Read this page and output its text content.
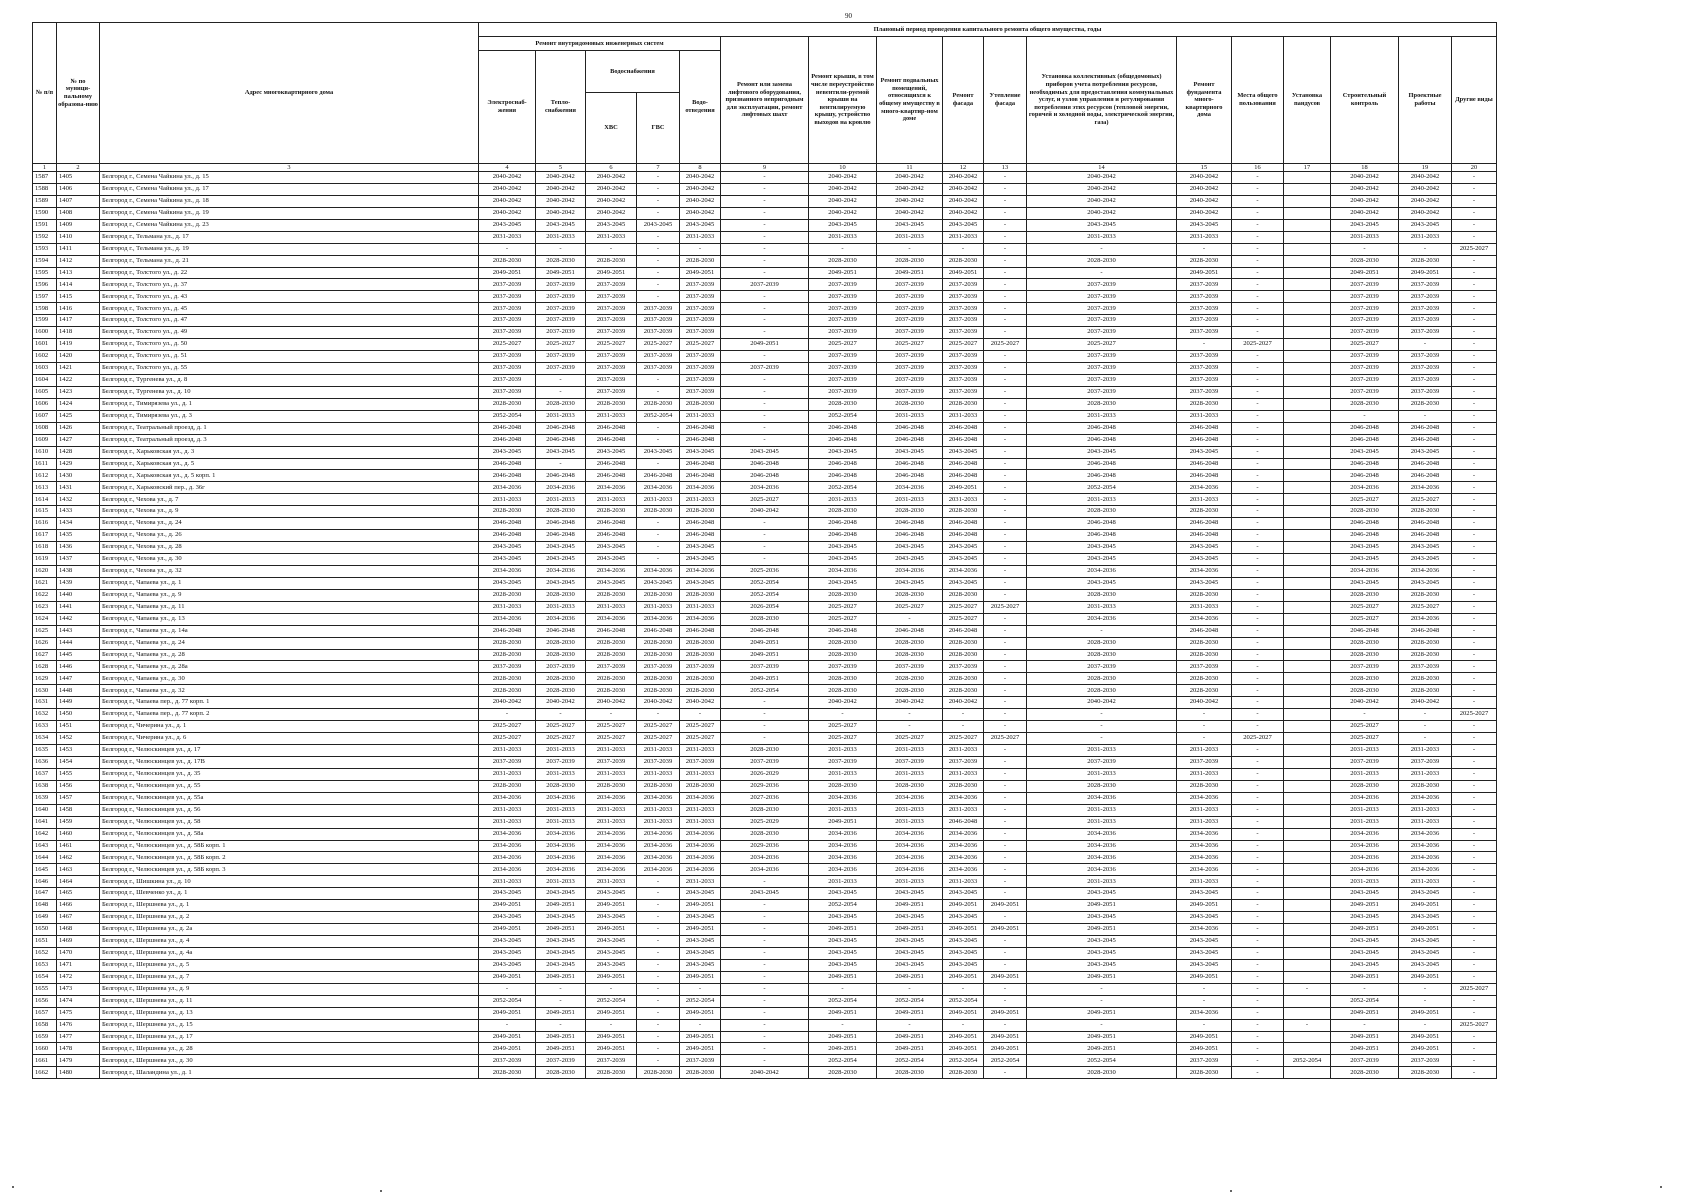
90
№ п/п	№ по муници-пальному образова-нию	Адрес многоквартирного дома	Плановый период проведения капитального ремонта общего имущества, годы																
			Ремонт внутридомовых инженерных систем					Ремонт или замена лифтового оборудования, признанного непригодным для эксплуатации, ремонт лифтовых шахт	Ремонт крыши, в том числе переустройство невентили-руемой крыши на вентилируемую крышу, устройство выходов на кровлю	Ремонт подвальных помещений, относящихся к общему имуществу в много-квартир-ном доме	Ремонт фасада	Утепление фасада	Установка коллективных (общедомовых) приборов учета потребления ресурсов, необходимых для предоставления коммунальных услуг, и узлов управления и регулирования потребления этих ресурсов (тепловой энергии, горячей и холодной воды, электрической энергии, газа)	Ремонт фундамента много-квартирного дома	Места общего пользования	Установка пандусов	Строительный контроль	Проектные работы	Другие виды
			Электроснаб-жения	Тепло-снабжения	Водоснабжения		Водо-отведения												
					ХВС	ГВС													
1	2	3	4	5	6	7	8	9	10	11	12	13	14	15	16	17	18	19	20
1587	1405	Белгород г., Семена Чайкина ул., д. 15	2040-2042	2040-2042	2040-2042	-	2040-2042	-	2040-2042	2040-2042	2040-2042	-	2040-2042	2040-2042	-		2040-2042	2040-2042	-
1588	1406	Белгород г., Семена Чайкина ул., д. 17	2040-2042	2040-2042	2040-2042	-	2040-2042	-	2040-2042	2040-2042	2040-2042	-	2040-2042	2040-2042	-		2040-2042	2040-2042	-
1589	1407	Белгород г., Семена Чайкина ул., д. 18	2040-2042	2040-2042	2040-2042	-	2040-2042	-	2040-2042	2040-2042	2040-2042	-	2040-2042	2040-2042	-		2040-2042	2040-2042	-
1590	1408	Белгород г., Семена Чайкина ул., д. 19	2040-2042	2040-2042	2040-2042	-	2040-2042	-	2040-2042	2040-2042	2040-2042	-	2040-2042	2040-2042	-		2040-2042	2040-2042	-
1591	1409	Белгород г., Семена Чайкина ул., д. 23	2043-2045	2043-2045	2043-2045	2043-2045	2043-2045	-	2043-2045	2043-2045	2043-2045	-	2043-2045	2043-2045	-		2043-2045	2043-2045	-
1592	1410	Белгород г., Тельмана ул., д. 17	2031-2033	2031-2033	2031-2033	-	2031-2033	-	2031-2033	2031-2033	2031-2033	-	2031-2033	2031-2033	-		2031-2033	2031-2033	-
1593	1411	Белгород г., Тельмана ул., д. 19	-	-	-	-	-	-	-	-	-	-	-	-	-		-	-	2025-2027
1594	1412	Белгород г., Тельмана ул., д. 21	2028-2030	2028-2030	2028-2030	-	2028-2030	-	2028-2030	2028-2030	2028-2030	-	2028-2030	2028-2030	-		2028-2030	2028-2030	-
1595	1413	Белгород г., Толстого ул., д. 22	2049-2051	2049-2051	2049-2051	-	2049-2051	-	2049-2051	2049-2051	2049-2051	-	-	2049-2051	-		2049-2051	2049-2051	-
1596	1414	Белгород г., Толстого ул., д. 37	2037-2039	2037-2039	2037-2039	-	2037-2039	2037-2039	2037-2039	2037-2039	2037-2039	-	2037-2039	2037-2039	-		2037-2039	2037-2039	-
1597	1415	Белгород г., Толстого ул., д. 43	2037-2039	2037-2039	2037-2039	-	2037-2039	-	2037-2039	2037-2039	2037-2039	-	2037-2039	2037-2039	-		2037-2039	2037-2039	-
1598	1416	Белгород г., Толстого ул., д. 45	2037-2039	2037-2039	2037-2039	2037-2039	2037-2039	-	2037-2039	2037-2039	2037-2039	-	2037-2039	2037-2039	-		2037-2039	2037-2039	-
1599	1417	Белгород г., Толстого ул., д. 47	2037-2039	2037-2039	2037-2039	2037-2039	2037-2039	-	2037-2039	2037-2039	2037-2039	-	2037-2039	2037-2039	-		2037-2039	2037-2039	-
1600	1418	Белгород г., Толстого ул., д. 49	2037-2039	2037-2039	2037-2039	2037-2039	2037-2039	-	2037-2039	2037-2039	2037-2039	-	2037-2039	2037-2039	-		2037-2039	2037-2039	-
1601	1419	Белгород г., Толстого ул., д. 50	2025-2027	2025-2027	2025-2027	2025-2027	2025-2027	2049-2051	2025-2027	2025-2027	2025-2027	2025-2027	2025-2027	-	2025-2027		2025-2027	-	-
1602	1420	Белгород г., Толстого ул., д. 51	2037-2039	2037-2039	2037-2039	2037-2039	2037-2039	-	2037-2039	2037-2039	2037-2039	-	2037-2039	2037-2039	-		2037-2039	2037-2039	-
1603	1421	Белгород г., Толстого ул., д. 55	2037-2039	2037-2039	2037-2039	2037-2039	2037-2039	2037-2039	2037-2039	2037-2039	2037-2039	-	2037-2039	2037-2039	-		2037-2039	2037-2039	-
1604	1422	Белгород г., Тургенева ул., д. 8	2037-2039	-	2037-2039	-	2037-2039	-	2037-2039	2037-2039	2037-2039	-	2037-2039	2037-2039	-		2037-2039	2037-2039	-
1605	1423	Белгород г., Тургенева ул., д. 10	2037-2039	-	2037-2039	-	2037-2039	-	2037-2039	2037-2039	2037-2039	-	2037-2039	2037-2039	-		2037-2039	2037-2039	-
1606	1424	Белгород г., Тимирязева ул., д. 1	2028-2030	2028-2030	2028-2030	2028-2030	2028-2030	-	2028-2030	2028-2030	2028-2030	-	2028-2030	2028-2030	-		2028-2030	2028-2030	-
1607	1425	Белгород г., Тимирязева ул., д. 3	2052-2054	2031-2033	2031-2033	2052-2054	2031-2033	-	2052-2054	2031-2033	2031-2033	-	2031-2033	2031-2033	-		-	-	-
1608	1426	Белгород г., Театральный проезд, д. 1	2046-2048	2046-2048	2046-2048	-	2046-2048	-	2046-2048	2046-2048	2046-2048	-	2046-2048	2046-2048	-		2046-2048	2046-2048	-
1609	1427	Белгород г., Театральный проезд, д. 3	2046-2048	2046-2048	2046-2048	-	2046-2048	-	2046-2048	2046-2048	2046-2048	-	2046-2048	2046-2048	-		2046-2048	2046-2048	-
1610	1428	Белгород г., Харьковская ул., д. 3	2043-2045	2043-2045	2043-2045	2043-2045	2043-2045	2043-2045	2043-2045	2043-2045	2043-2045	-	2043-2045	2043-2045	-		2043-2045	2043-2045	-
1611	1429	Белгород г., Харьковская ул., д. 5	2046-2048	-	2046-2048	-	2046-2048	2046-2048	2046-2048	2046-2048	2046-2048	-	2046-2048	2046-2048	-		2046-2048	2046-2048	-
1612	1430	Белгород г., Харьковская ул., д. 5 корп. 1	2046-2048	2046-2048	2046-2048	2046-2048	2046-2048	2046-2048	2046-2048	2046-2048	2046-2048	-	2046-2048	2046-2048	-		2046-2048	2046-2048	-
1613	1431	Белгород г., Харьковский пер., д. 36г	2034-2036	2034-2036	2034-2036	2034-2036	2034-2036	2034-2036	2052-2054	2034-2036	2049-2051	-	2052-2054	2034-2036	-		2034-2036	2034-2036	-
1614	1432	Белгород г., Чехова ул., д. 7	2031-2033	2031-2033	2031-2033	2031-2033	2031-2033	2025-2027	2031-2033	2031-2033	2031-2033	-	2031-2033	2031-2033	-		2025-2027	2025-2027	-
1615	1433	Белгород г., Чехова ул., д. 9	2028-2030	2028-2030	2028-2030	2028-2030	2028-2030	2040-2042	2028-2030	2028-2030	2028-2030	-	2028-2030	2028-2030	-		2028-2030	2028-2030	-
1616	1434	Белгород г., Чехова ул., д. 24	2046-2048	2046-2048	2046-2048	-	2046-2048	-	2046-2048	2046-2048	2046-2048	-	2046-2048	2046-2048	-		2046-2048	2046-2048	-
1617	1435	Белгород г., Чехова ул., д. 26	2046-2048	2046-2048	2046-2048	-	2046-2048	-	2046-2048	2046-2048	2046-2048	-	2046-2048	2046-2048	-		2046-2048	2046-2048	-
1618	1436	Белгород г., Чехова ул., д. 28	2043-2045	2043-2045	2043-2045	-	2043-2045	-	2043-2045	2043-2045	2043-2045	-	2043-2045	2043-2045	-		2043-2045	2043-2045	-
1619	1437	Белгород г., Чехова ул., д. 30	2043-2045	2043-2045	2043-2045	-	2043-2045	-	2043-2045	2043-2045	2043-2045	-	2043-2045	2043-2045	-		2043-2045	2043-2045	-
1620	1438	Белгород г., Чехова ул., д. 32	2034-2036	2034-2036	2034-2036	2034-2036	2034-2036	2025-2036	2034-2036	2034-2036	2034-2036	-	2034-2036	2034-2036	-		2034-2036	2034-2036	-
1621	1439	Белгород г., Чапаева ул., д. 1	2043-2045	2043-2045	2043-2045	2043-2045	2043-2045	2052-2054	2043-2045	2043-2045	2043-2045	-	2043-2045	2043-2045	-		2043-2045	2043-2045	-
1622	1440	Белгород г., Чапаева ул., д. 9	2028-2030	2028-2030	2028-2030	2028-2030	2028-2030	2052-2054	2028-2030	2028-2030	2028-2030	-	2028-2030	2028-2030	-		2028-2030	2028-2030	-
1623	1441	Белгород г., Чапаева ул., д. 11	2031-2033	2031-2033	2031-2033	2031-2033	2031-2033	2026-2054	2025-2027	2025-2027	2025-2027	2025-2027	2031-2033	2031-2033	-		2025-2027	2025-2027	-
1624	1442	Белгород г., Чапаева ул., д. 13	2034-2036	2034-2036	2034-2036	2034-2036	2034-2036	2028-2030	2025-2027	-	2025-2027	-	2034-2036	2034-2036	-		2025-2027	2034-2036	-
1625	1443	Белгород г., Чапаева ул., д. 14а	2046-2048	2046-2048	2046-2048	2046-2048	2046-2048	2046-2048	2046-2048	2046-2048	2046-2048	-	-	2046-2048	-		2046-2048	2046-2048	-
1626	1444	Белгород г., Чапаева ул., д. 24	2028-2030	2028-2030	2028-2030	2028-2030	2028-2030	2049-2051	2028-2030	2028-2030	2028-2030	-	2028-2030	2028-2030	-		2028-2030	2028-2030	-
1627	1445	Белгород г., Чапаева ул., д. 28	2028-2030	2028-2030	2028-2030	2028-2030	2028-2030	2049-2051	2028-2030	2028-2030	2028-2030	-	2028-2030	2028-2030	-		2028-2030	2028-2030	-
1628	1446	Белгород г., Чапаева ул., д. 28а	2037-2039	2037-2039	2037-2039	2037-2039	2037-2039	2037-2039	2037-2039	2037-2039	2037-2039	-	2037-2039	2037-2039	-		2037-2039	2037-2039	-
1629	1447	Белгород г., Чапаева ул., д. 30	2028-2030	2028-2030	2028-2030	2028-2030	2028-2030	2049-2051	2028-2030	2028-2030	2028-2030	-	2028-2030	2028-2030	-		2028-2030	2028-2030	-
1630	1448	Белгород г., Чапаева ул., д. 32	2028-2030	2028-2030	2028-2030	2028-2030	2028-2030	2052-2054	2028-2030	2028-2030	2028-2030	-	2028-2030	2028-2030	-		2028-2030	2028-2030	-
1631	1449	Белгород г., Чапаева пер., д. 77 корп. 1	2040-2042	2040-2042	2040-2042	2040-2042	2040-2042	-	2040-2042	2040-2042	2040-2042	-	2040-2042	2040-2042	-		2040-2042	2040-2042	-
1632	1450	Белгород г., Чапаева пер., д. 77 корп. 2	-	-	-	-	-	-	-	-	-	-	-	-	-		-	-	2025-2027
1633	1451	Белгород г., Чичерина ул., д. 1	2025-2027	2025-2027	2025-2027	2025-2027	2025-2027	-	2025-2027	-	-	-	-	-	-		2025-2027	-	-
1634	1452	Белгород г., Чичерина ул., д. 6	2025-2027	2025-2027	2025-2027	2025-2027	2025-2027	-	2025-2027	2025-2027	2025-2027	2025-2027	-	-	2025-2027		2025-2027	-	-
1635	1453	Белгород г., Челюскинцев ул., д. 17	2031-2033	2031-2033	2031-2033	2031-2033	2031-2033	2028-2030	2031-2033	2031-2033	2031-2033	-	2031-2033	2031-2033	-		2031-2033	2031-2033	-
1636	1454	Белгород г., Челюскинцев ул., д. 17В	2037-2039	2037-2039	2037-2039	2037-2039	2037-2039	2037-2039	2037-2039	2037-2039	2037-2039	-	2037-2039	2037-2039	-		2037-2039	2037-2039	-
1637	1455	Белгород г., Челюскинцев ул., д. 35	2031-2033	2031-2033	2031-2033	2031-2033	2031-2033	2026-2029	2031-2033	2031-2033	2031-2033	-	2031-2033	2031-2033	-		2031-2033	2031-2033	-
1638	1456	Белгород г., Челюскинцев ул., д. 55	2028-2030	2028-2030	2028-2030	2028-2030	2028-2030	2029-2036	2028-2030	2028-2030	2028-2030	-	2028-2030	2028-2030	-		2028-2030	2028-2030	-
1639	1457	Белгород г., Челюскинцев ул., д. 55а	2034-2036	2034-2036	2034-2036	2034-2036	2034-2036	2027-2036	2034-2036	2034-2036	2034-2036	-	2034-2036	2034-2036	-		2034-2036	2034-2036	-
1640	1458	Белгород г., Челюскинцев ул., д. 56	2031-2033	2031-2033	2031-2033	2031-2033	2031-2033	2028-2030	2031-2033	2031-2033	2031-2033	-	2031-2033	2031-2033	-		2031-2033	2031-2033	-
1641	1459	Белгород г., Челюскинцев ул., д. 58	2031-2033	2031-2033	2031-2033	2031-2033	2031-2033	2025-2029	2049-2051	2031-2033	2046-2048	-	2031-2033	2031-2033	-		2031-2033	2031-2033	-
1642	1460	Белгород г., Челюскинцев ул., д. 58а	2034-2036	2034-2036	2034-2036	2034-2036	2034-2036	2028-2030	2034-2036	2034-2036	2034-2036	-	2034-2036	2034-2036	-		2034-2036	2034-2036	-
1643	1461	Белгород г., Челюскинцев ул., д. 58Б корп. 1	2034-2036	2034-2036	2034-2036	2034-2036	2034-2036	2029-2036	2034-2036	2034-2036	2034-2036	-	2034-2036	2034-2036	-		2034-2036	2034-2036	-
1644	1462	Белгород г., Челюскинцев ул., д. 58Б корп. 2	2034-2036	2034-2036	2034-2036	2034-2036	2034-2036	2034-2036	2034-2036	2034-2036	2034-2036	-	2034-2036	2034-2036	-		2034-2036	2034-2036	-
1645	1463	Белгород г., Челюскинцев ул., д. 58Б корп. 3	2034-2036	2034-2036	2034-2036	2034-2036	2034-2036	2034-2036	2034-2036	2034-2036	2034-2036	-	2034-2036	2034-2036	-		2034-2036	2034-2036	-
1646	1464	Белгород г., Шишкина ул., д. 10	2031-2033	2031-2033	2031-2033	-	2031-2033	-	2031-2033	2031-2033	2031-2033	-	2031-2033	2031-2033	-		2031-2033	2031-2033	-
1647	1465	Белгород г., Шевченко ул., д. 1	2043-2045	2043-2045	2043-2045	-	2043-2045	2043-2045	2043-2045	2043-2045	2043-2045	-	2043-2045	2043-2045	-		2043-2045	2043-2045	-
1648	1466	Белгород г., Шершнева ул., д. 1	2049-2051	2049-2051	2049-2051	-	2049-2051	-	2052-2054	2049-2051	2049-2051	2049-2051	2049-2051	2049-2051	-		2049-2051	2049-2051	-
1649	1467	Белгород г., Шершнева ул., д. 2	2043-2045	2043-2045	2043-2045	-	2043-2045	-	2043-2045	2043-2045	2043-2045	-	2043-2045	2043-2045	-		2043-2045	2043-2045	-
1650	1468	Белгород г., Шершнева ул., д. 2а	2049-2051	2049-2051	2049-2051	-	2049-2051	-	2049-2051	2049-2051	2049-2051	2049-2051	2049-2051	2034-2036	-		2049-2051	2049-2051	-
1651	1469	Белгород г., Шершнева ул., д. 4	2043-2045	2043-2045	2043-2045	-	2043-2045	-	2043-2045	2043-2045	2043-2045	-	2043-2045	2043-2045	-		2043-2045	2043-2045	-
1652	1470	Белгород г., Шершнева ул., д. 4а	2043-2045	2043-2045	2043-2045	-	2043-2045	-	2043-2045	2043-2045	2043-2045	-	2043-2045	2043-2045	-		2043-2045	2043-2045	-
1653	1471	Белгород г., Шершнева ул., д. 5	2043-2045	2043-2045	2043-2045	-	2043-2045	-	2043-2045	2043-2045	2043-2045	-	2043-2045	2043-2045	-		2043-2045	2043-2045	-
1654	1472	Белгород г., Шершнева ул., д. 7	2049-2051	2049-2051	2049-2051	-	2049-2051	-	2049-2051	2049-2051	2049-2051	2049-2051	2049-2051	2049-2051	-		2049-2051	2049-2051	-
1655	1473	Белгород г., Шершнева ул., д. 9	-	-	-	-	-	-	-	-	-	-	-	-	-	-	-	-	2025-2027
1656	1474	Белгород г., Шершнева ул., д. 11	2052-2054	-	2052-2054	-	2052-2054	-	2052-2054	2052-2054	2052-2054	-	-	-	-		2052-2054	-	-
1657	1475	Белгород г., Шершнева ул., д. 13	2049-2051	2049-2051	2049-2051	-	2049-2051	-	2049-2051	2049-2051	2049-2051	2049-2051	2049-2051	2034-2036	-		2049-2051	2049-2051	-
1658	1476	Белгород г., Шершнева ул., д. 15	-	-	-	-	-	-	-	-	-	-	-	-	-	-	-	-	2025-2027
1659	1477	Белгород г., Шершнева ул., д. 17	2049-2051	2049-2051	2049-2051	-	2049-2051	-	2049-2051	2049-2051	2049-2051	2049-2051	2049-2051	2049-2051	-		2049-2051	2049-2051	-
1660	1478	Белгород г., Шершнева ул., д. 28	2049-2051	2049-2051	2049-2051	-	2049-2051	-	2049-2051	2049-2051	2049-2051	2049-2051	2049-2051	2049-2051	-		2049-2051	2049-2051	-
1661	1479	Белгород г., Шершнева ул., д. 30	2037-2039	2037-2039	2037-2039	-	2037-2039	-	2052-2054	2052-2054	2052-2054	2052-2054	2052-2054	2037-2039	-	2052-2054	2037-2039	2037-2039	-
1662	1480	Белгород г., Шаландина ул., д. 1	2028-2030	2028-2030	2028-2030	2028-2030	2028-2030	2040-2042	2028-2030	2028-2030	2028-2030	-	2028-2030	2028-2030	-		2028-2030	2028-2030	-
